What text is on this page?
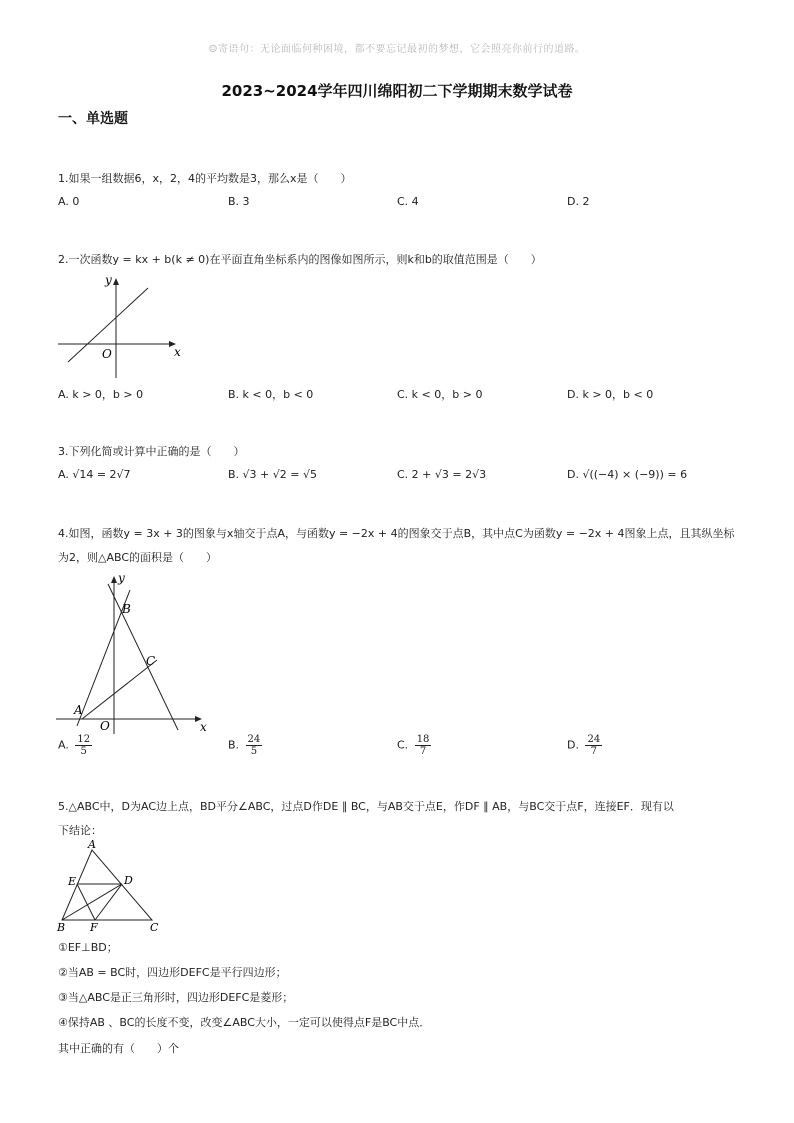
☺寄语句：无论面临何种困境，都不要忘记最初的梦想，它会照亮你前行的道路。
2023~2024学年四川绵阳初二下学期期末数学试卷
一、单选题
1.如果一组数据6，x，2，4的平均数是3，那么x是（　　）
A. 0	B. 3	C. 4	D. 2
2.一次函数y = kx + b(k ≠ 0)在平面直角坐标系内的图像如图所示，则k和b的取值范围是（　　）
x
y
O
A. k > 0，b > 0	B. k < 0，b < 0	C. k < 0，b > 0	D. k > 0，b < 0
3.下列化简或计算中正确的是（　　）
A. √14 = 2√7	B. √3 + √2 = √5	C. 2 + √3 = 2√3	D. √((−4) × (−9)) = 6
4.如图，函数y = 3x + 3的图象与x轴交于点A，与函数y = −2x + 4的图象交于点B，其中点C为函数y = −2x + 4图象上点，且其纵坐标
为2，则△ABC的面积是（　　）
x
y
O
A
B
C
A. $\frac{12}{5}$	B. $\frac{24}{5}$	C. $\frac{18}{7}$	D. $\frac{24}{7}$
5.△ABC中，D为AC边上点，BD平分∠ABC，过点D作DE ∥ BC，与AB交于点E，作DF ∥ AB，与BC交于点F，连接EF．现有以
下结论：
A
B	C
D
E
F
①EF⊥BD；
②当AB = BC时，四边形DEFC是平行四边形；
③当△ABC是正三角形时，四边形DEFC是菱形；
④保持AB 、BC的长度不变，改变∠ABC大小，一定可以使得点F是BC中点．
其中正确的有（　　）个
